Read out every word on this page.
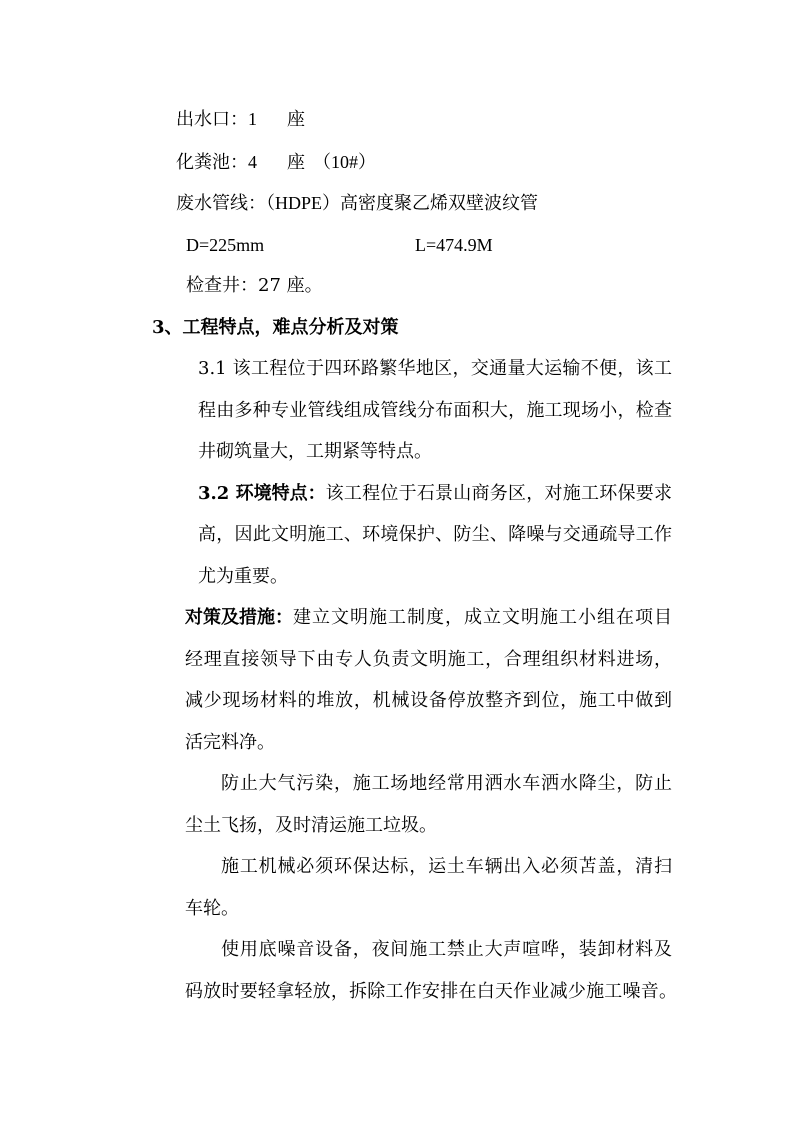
出水口：1 座
化粪池：4 座 （10#）
废水管线：（HDPE）高密度聚乙烯双壁波纹管
D=225mm	L=474.9M
检查井：27 座。
3、工程特点，难点分析及对策
3.1 该工程位于四环路繁华地区，交通量大运输不便，该工
程由多种专业管线组成管线分布面积大，施工现场小，检查
井砌筑量大，工期紧等特点。
3.2 环境特点： 该工程位于石景山商务区，对施工环保要求
高，因此文明施工、环境保护、防尘、降噪与交通疏导工作
尤为重要。
对策及措施： 建立文明施工制度，成立文明施工小组在项目
经理直接领导下由专人负责文明施工，合理组织材料进场，
减少现场材料的堆放，机械设备停放整齐到位，施工中做到
活完料净。
防止大气污染，施工场地经常用洒水车洒水降尘，防止
尘土飞扬，及时清运施工垃圾。
施工机械必须环保达标，运土车辆出入必须苫盖，清扫
车轮。
使用底噪音设备，夜间施工禁止大声喧哗，装卸材料及
码放时要轻拿轻放，拆除工作安排在白天作业减少施工噪音。
